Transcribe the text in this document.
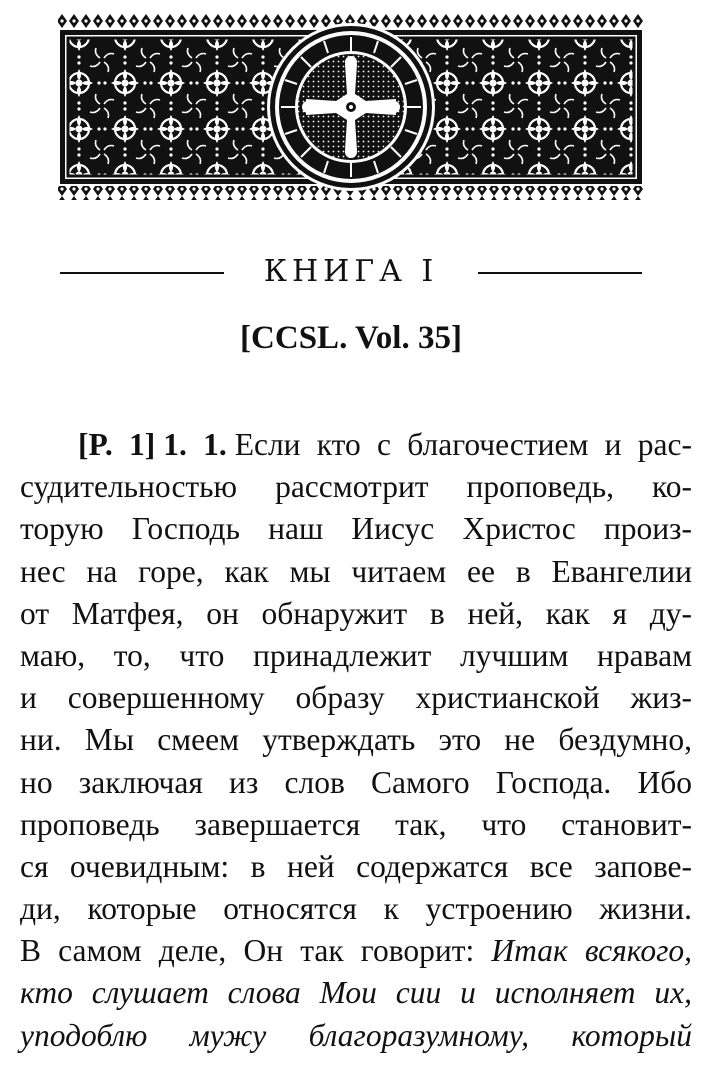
КНИГА I
[CCSL. Vol. 35]
[P. 1] 1. 1. Если кто с благочестием и рас-
судительностью рассмотрит проповедь, ко-
торую Господь наш Иисус Христос произ-
нес на горе, как мы читаем ее в Евангелии
от Матфея, он обнаружит в ней, как я ду-
маю, то, что принадлежит лучшим нравам
и совершенному образу христианской жиз-
ни. Мы смеем утверждать это не бездумно,
но заключая из слов Самого Господа. Ибо
проповедь завершается так, что становит-
ся очевидным: в ней содержатся все запове-
ди, которые относятся к устроению жизни.
В самом деле, Он так говорит: Итак всякого,
кто слушает слова Мои сии и исполняет их,
уподоблю мужу благоразумному, который
